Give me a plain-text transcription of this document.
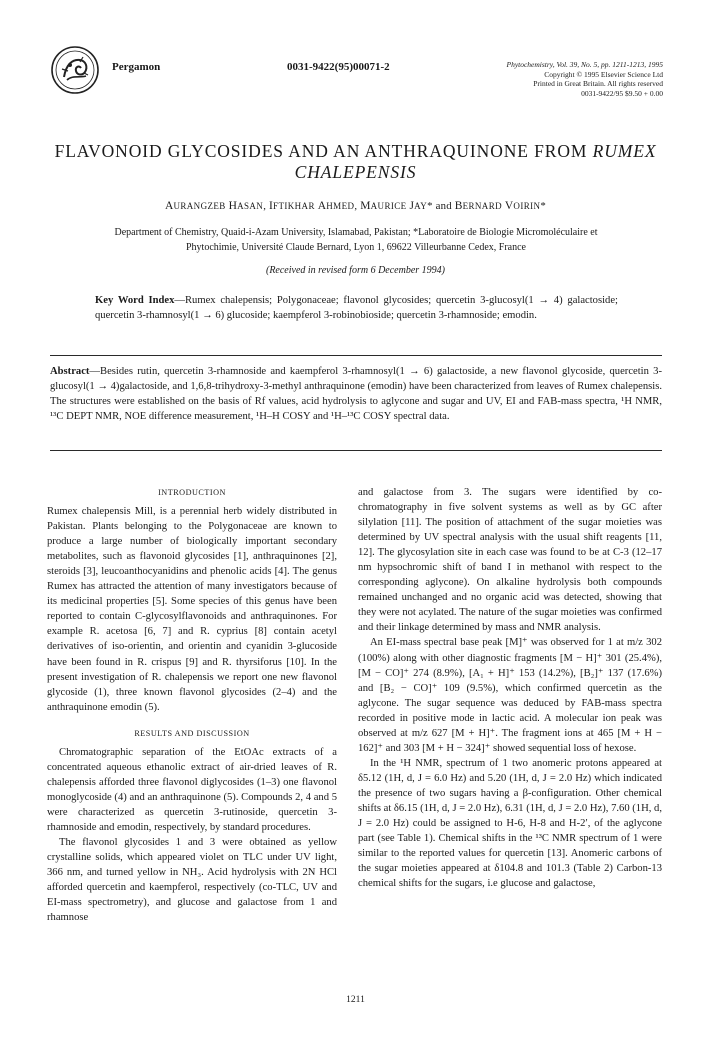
Pergamon	0031-9422(95)00071-2	Phytochemistry, Vol. 39, No. 5, pp. 1211-1213, 1995
Copyright © 1995 Elsevier Science Ltd
Printed in Great Britain. All rights reserved
0031-9422/95 $9.50 + 0.00
FLAVONOID GLYCOSIDES AND AN ANTHRAQUINONE FROM RUMEX
CHALEPENSIS
AURANGZEB HASAN, IFTIKHAR AHMED, MAURICE JAY* and BERNARD VOIRIN*
Department of Chemistry, Quaid-i-Azam University, Islamabad, Pakistan; *Laboratoire de Biologie Micromoléculaire et
Phytochimie, Université Claude Bernard, Lyon 1, 69622 Villeurbanne Cedex, France
(Received in revised form 6 December 1994)
Key Word Index—Rumex chalepensis; Polygonaceae; flavonol glycosides; quercetin 3-glucosyl(1 → 4) galactoside; quercetin 3-rhamnosyl(1 → 6) glucoside; kaempferol 3-robinobioside; quercetin 3-rhamnoside; emodin.
Abstract—Besides rutin, quercetin 3-rhamnoside and kaempferol 3-rhamnosyl(1 → 6) galactoside, a new flavonol glycoside, quercetin 3-glucosyl(1 → 4)galactoside, and 1,6,8-trihydroxy-3-methyl anthraquinone (emodin) have been characterized from leaves of Rumex chalepensis. The structures were established on the basis of Rf values, acid hydrolysis to aglycone and sugar and UV, EI and FAB-mass spectra, ¹H NMR, ¹³C DEPT NMR, NOE difference measurement, ¹H–H COSY and ¹H–¹³C COSY spectral data.
INTRODUCTION

Rumex chalepensis Mill, is a perennial herb widely distributed in Pakistan. Plants belonging to the Polygonaceae are known to produce a large number of biologically important secondary metabolites, such as flavonoid glycosides [1], anthraquinones [2], steroids [3], leucoanthocyanidins and phenolic acids [4]. The genus Rumex has attracted the attention of many investigators because of its medicinal properties [5]. Some species of this genus have been reported to contain C-glycosylflavonoids and anthraquinones. For example R. acetosa [6, 7] and R. cyprius [8] contain acetyl derivatives of iso-orientin, and orientin and cyanidin 3-glucoside have been found in R. crispus [9] and R. thyrsiforus [10]. In the present investigation of R. chalepensis we report one new flavonol glycoside (1), three known flavonol glycosides (2–4) and the anthraquinone emodin (5).

RESULTS AND DISCUSSION

Chromatographic separation of the EtOAc extracts of a concentrated aqueous ethanolic extract of air-dried leaves of R. chalepensis afforded three flavonol diglycosides (1–3) one flavonol monoglycoside (4) and an anthraquinone (5). Compounds 2, 4 and 5 were characterized as quercetin 3-rutinoside, quercetin 3-rhamnoside and emodin, respectively, by standard procedures.

The flavonol glycosides 1 and 3 were obtained as yellow crystalline solids, which appeared violet on TLC under UV light, 366 nm, and turned yellow in NH₃. Acid hydrolysis with 2N HCl afforded quercetin and kaempferol, respectively (co-TLC, UV and EI-mass spectrometry), and glucose and galactose from 1 and rhamnose

and galactose from 3. The sugars were identified by co-chromatography in five solvent systems as well as by GC after silylation [11]. The position of attachment of the sugar moieties was determined by UV spectral analysis with the usual shift reagents [11, 12]. The glycosylation site in each case was found to be at C-3 (12–17 nm hypsochromic shift of band I in methanol with respect to the corresponding aglycone). On alkaline hydrolysis both compounds remained unchanged and no organic acid was detected, showing that they were not acylated. The nature of the sugar moieties was confirmed and their linkage determined by mass and NMR analysis.

An EI-mass spectral base peak [M]⁺ was observed for 1 at m/z 302 (100%) along with other diagnostic fragments [M − H]⁺ 301 (25.4%), [M − CO]⁺ 274 (8.9%), [A₁ + H]⁺ 153 (14.2%), [B₂]⁺ 137 (17.6%) and [B₂ − CO]⁺ 109 (9.5%), which confirmed quercetin as the aglycone. The sugar sequence was deduced by FAB-mass spectra recorded in positive mode in lactic acid. A molecular ion peak was observed at m/z 627 [M + H]⁺. The fragment ions at 465 [M + H − 162]⁺ and 303 [M + H − 324]⁺ showed sequential loss of hexose.

In the ¹H NMR, spectrum of 1 two anomeric protons appeared at δ5.12 (1H, d, J = 6.0 Hz) and 5.20 (1H, d, J = 2.0 Hz) which indicated the presence of two sugars having a β-configuration. Other chemical shifts at δ6.15 (1H, d, J = 2.0 Hz), 6.31 (1H, d, J = 2.0 Hz), 7.60 (1H, d, J = 2.0 Hz) could be assigned to H-6, H-8 and H-2′, of the aglycone part (see Table 1). Chemical shifts in the ¹³C NMR spectrum of 1 were similar to the reported values for quercetin [13]. Anomeric carbons of the sugar moieties appeared at δ104.8 and 101.3 (Table 2) Carbon-13 chemical shifts for the sugars, i.e glucose and galactose,

1211
